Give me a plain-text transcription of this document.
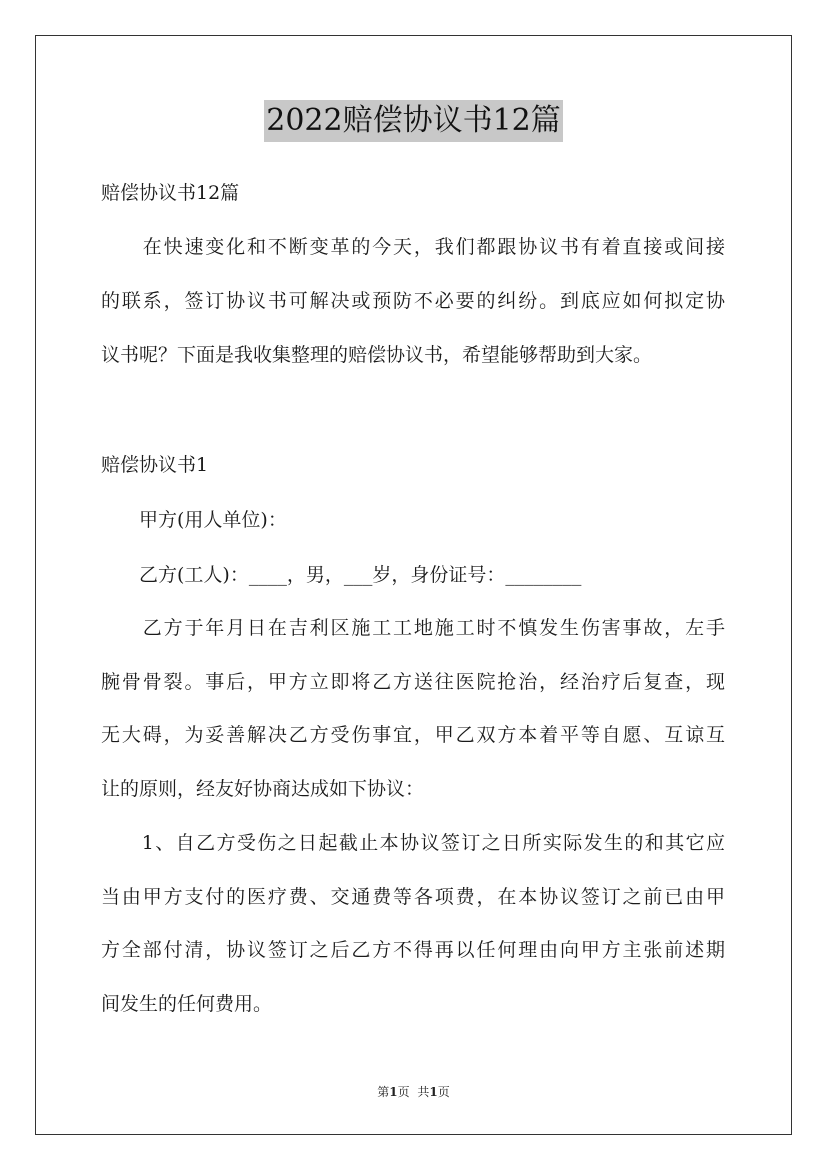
2022赔偿协议书12篇
赔偿协议书12篇
　　在快速变化和不断变革的今天，我们都跟协议书有着直接或间接
的联系，签订协议书可解决或预防不必要的纠纷。到底应如何拟定协
议书呢？下面是我收集整理的赔偿协议书，希望能够帮助到大家。
赔偿协议书1
　　甲方(用人单位)：
　　乙方(工人)：____，男，___岁，身份证号：________
　　乙方于年月日在吉利区施工工地施工时不慎发生伤害事故，左手
腕骨骨裂。事后，甲方立即将乙方送往医院抢治，经治疗后复查，现
无大碍，为妥善解决乙方受伤事宜，甲乙双方本着平等自愿、互谅互
让的原则，经友好协商达成如下协议：
　　1、自乙方受伤之日起截止本协议签订之日所实际发生的和其它应
当由甲方支付的医疗费、交通费等各项费，在本协议签订之前已由甲
方全部付清，协议签订之后乙方不得再以任何理由向甲方主张前述期
间发生的任何费用。
第1页 共1页
